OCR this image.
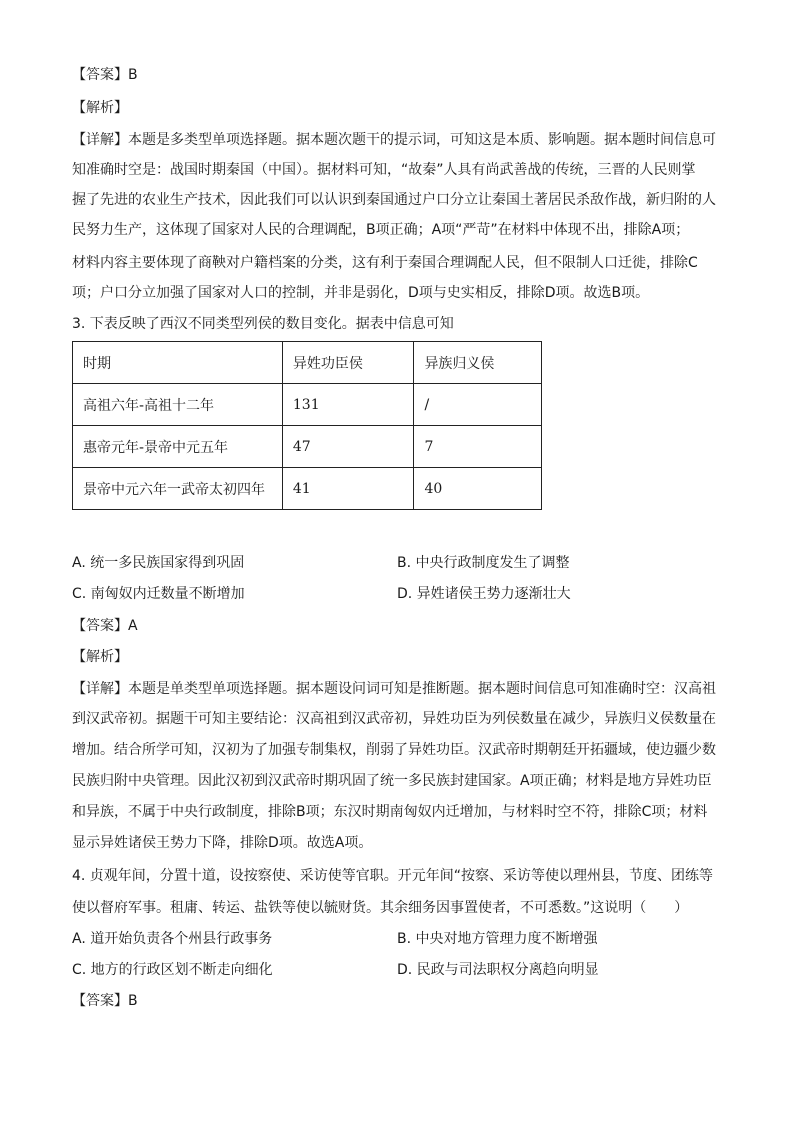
【答案】B
【解析】
【详解】本题是多类型单项选择题。据本题次题干的提示词，可知这是本质、影响题。据本题时间信息可
知准确时空是：战国时期秦国（中国）。据材料可知，“故秦”人具有尚武善战的传统，三晋的人民则掌
握了先进的农业生产技术，因此我们可以认识到秦国通过户口分立让秦国土著居民杀敌作战，新归附的人
民努力生产，这体现了国家对人民的合理调配，B项正确；A项“严苛”在材料中体现不出，排除A项；
材料内容主要体现了商鞅对户籍档案的分类，这有利于秦国合理调配人民，但不限制人口迁徙，排除C
项；户口分立加强了国家对人口的控制，并非是弱化，D项与史实相反，排除D项。故选B项。
3. 下表反映了西汉不同类型列侯的数目变化。据表中信息可知
时期	异姓功臣侯	异族归义侯
高祖六年-高祖十二年	131	/
惠帝元年-景帝中元五年	47	7
景帝中元六年一武帝太初四年	41	40
A. 统一多民族国家得到巩固	B. 中央行政制度发生了调整
C. 南匈奴内迁数量不断增加	D. 异姓诸侯王势力逐渐壮大
【答案】A
【解析】
【详解】本题是单类型单项选择题。据本题设问词可知是推断题。据本题时间信息可知准确时空：汉高祖
到汉武帝初。据题干可知主要结论：汉高祖到汉武帝初，异姓功臣为列侯数量在减少，异族归义侯数量在
增加。结合所学可知，汉初为了加强专制集权，削弱了异姓功臣。汉武帝时期朝廷开拓疆域，使边疆少数
民族归附中央管理。因此汉初到汉武帝时期巩固了统一多民族封建国家。A项正确；材料是地方异姓功臣
和异族，不属于中央行政制度，排除B项；东汉时期南匈奴内迁增加，与材料时空不符，排除C项；材料
显示异姓诸侯王势力下降，排除D项。故选A项。
4. 贞观年间，分置十道，设按察使、采访使等官职。开元年间“按察、采访等使以理州县，节度、团练等
使以督府军事。租庸、转运、盐铁等使以毓财货。其余细务因事置使者，不可悉数。”这说明（　　）
A. 道开始负责各个州县行政事务	B. 中央对地方管理力度不断增强
C. 地方的行政区划不断走向细化	D. 民政与司法职权分离趋向明显
【答案】B
